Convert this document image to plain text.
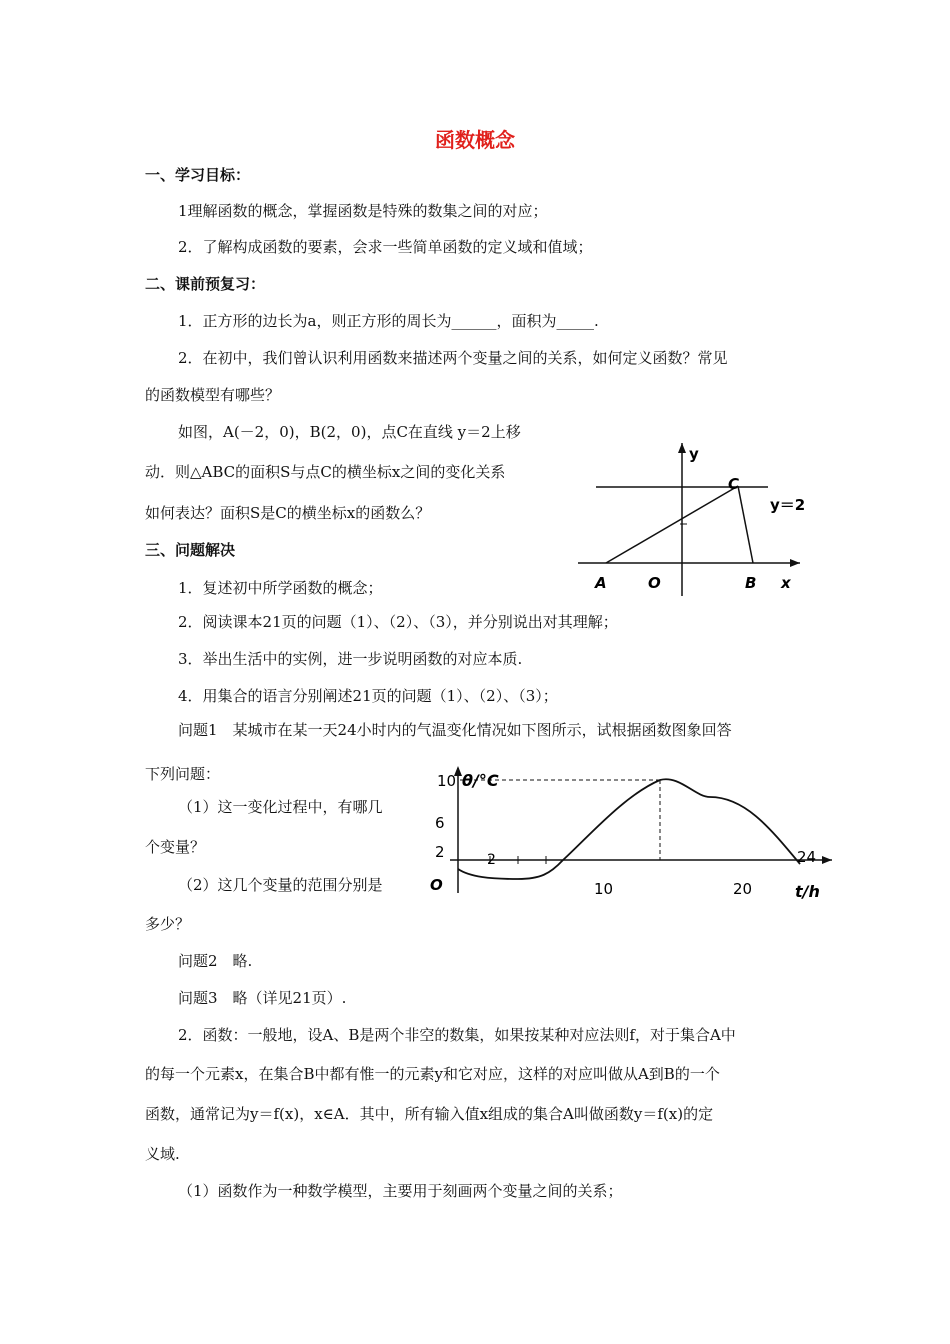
函数概念
一、学习目标：
1理解函数的概念，掌握函数是特殊的数集之间的对应；
2．了解构成函数的要素，会求一些简单函数的定义域和值域；
二、课前预复习：
1．正方形的边长为a，则正方形的周长为______，面积为_____.
2．在初中，我们曾认识利用函数来描述两个变量之间的关系，如何定义函数？常见
的函数模型有哪些？
如图，A(－2，0)，B(2，0)，点C在直线 y＝2上移
动．则△ABC的面积S与点C的横坐标x之间的变化关系
如何表达？面积S是C的横坐标x的函数么？
三、问题解决
1．复述初中所学函数的概念；
2．阅读课本21页的问题（1）、（2）、（3），并分别说出对其理解；
3．举出生活中的实例，进一步说明函数的对应本质.
4．用集合的语言分别阐述21页的问题（1）、（2）、（3）；
问题1　某城市在某一天24小时内的气温变化情况如下图所示，试根据函数图象回答
下列问题：
（1）这一变化过程中，有哪几
个变量？
（2）这几个变量的范围分别是
多少？
问题2　略.
问题3　略（详见21页）.
2．函数：一般地，设A、B是两个非空的数集，如果按某种对应法则f，对于集合A中
的每一个元素x，在集合B中都有惟一的元素y和它对应，这样的对应叫做从A到B的一个
函数，通常记为y＝f(x)，x∈A．其中，所有输入值x组成的集合A叫做函数y＝f(x)的定
义域.
（1）函数作为一种数学模型，主要用于刻画两个变量之间的关系；
y
C
y＝2
A	O	B x
10 θ/°C
6
2	2
O	10	20
24
t/h
